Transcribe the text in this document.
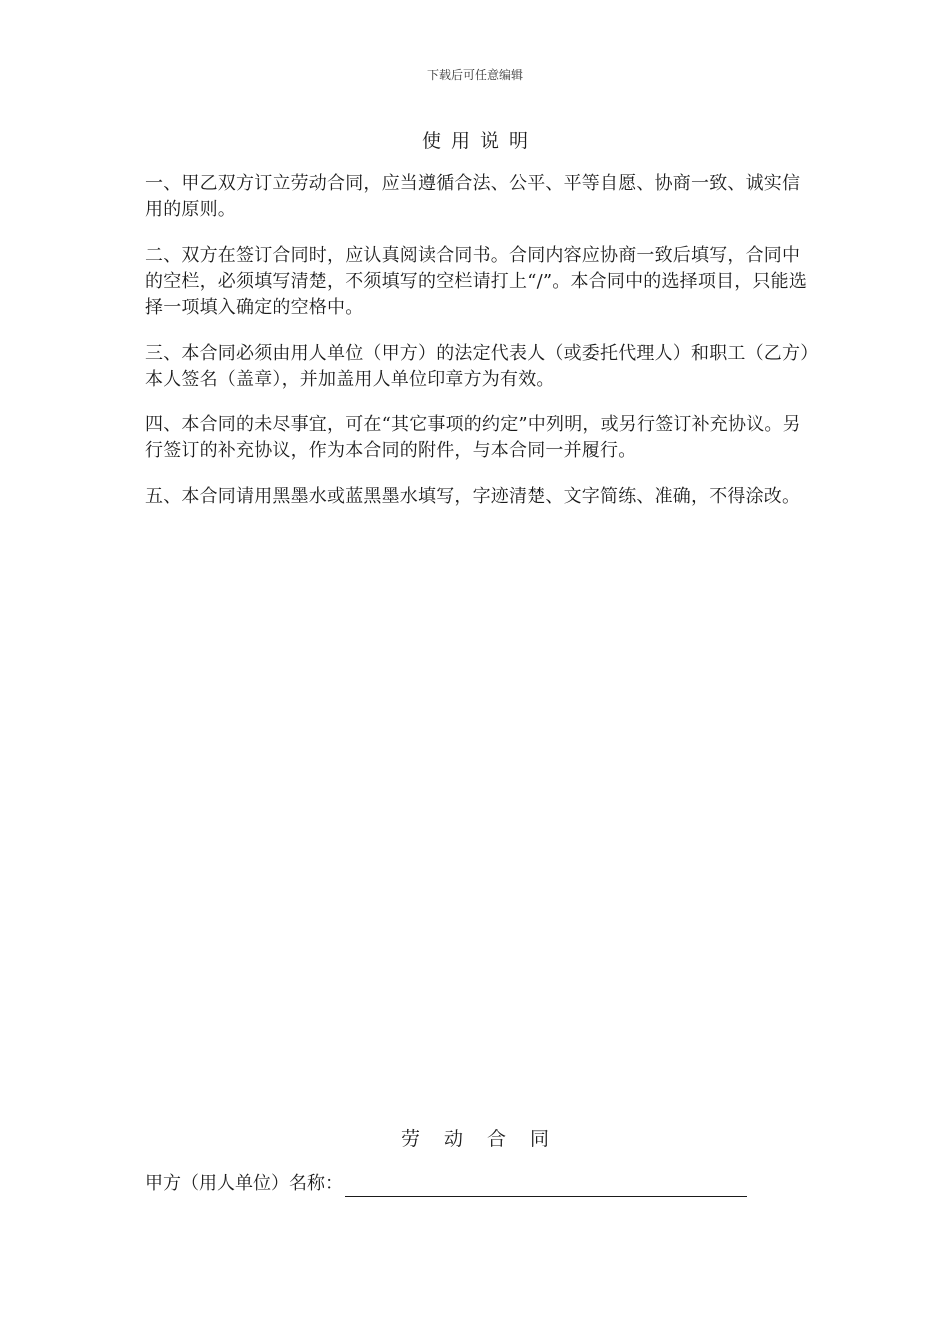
下载后可任意编辑
使用说明

一、甲乙双方订立劳动合同，应当遵循合法、公平、平等自愿、协商一致、诚实信用的原则。

二、双方在签订合同时，应认真阅读合同书。合同内容应协商一致后填写，合同中的空栏，必须填写清楚，不须填写的空栏请打上“/”。本合同中的选择项目，只能选择一项填入确定的空格中。

三、本合同必须由用人单位（甲方）的法定代表人（或委托代理人）和职工（乙方）本人签名（盖章），并加盖用人单位印章方为有效。

四、本合同的未尽事宜，可在“其它事项的约定”中列明，或另行签订补充协议。另行签订的补充协议，作为本合同的附件，与本合同一并履行。

五、本合同请用黑墨水或蓝黑墨水填写，字迹清楚、文字简练、准确，不得涂改。

劳动合同
甲方（用人单位）名称：
